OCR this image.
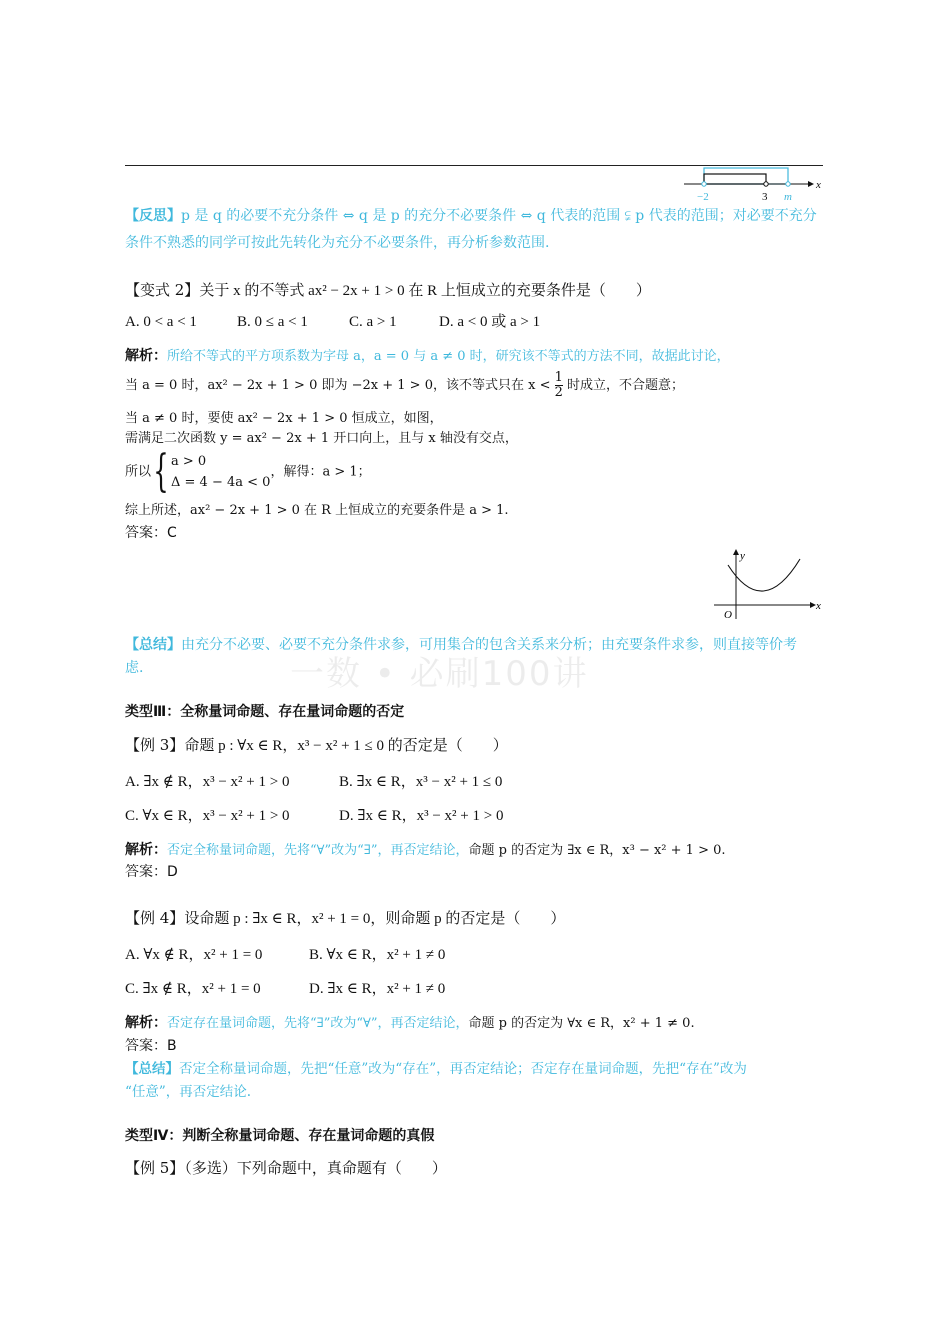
−2	3 m
x
【反思】p 是 q 的必要不充分条件 ⇔ q 是 p 的充分不必要条件 ⇔ q 代表的范围 ⫋ p 代表的范围；对必要不充分
条件不熟悉的同学可按此先转化为充分不必要条件，再分析参数范围.
【变式 2】关于 x 的不等式 ax² − 2x + 1 > 0 在 R 上恒成立的充要条件是（　　）
A. 0 < a < 1	B. 0 ≤ a < 1	C. a > 1	D. a < 0 或 a > 1
解析：所给不等式的平方项系数为字母 a，a = 0 与 a ≠ 0 时，研究该不等式的方法不同，故据此讨论，
当 a = 0 时，ax² − 2x + 1 > 0 即为 −2x + 1 > 0，该不等式只在 $x < \frac{1}{2}$ 时成立，不合题意；
当 a ≠ 0 时，要使 ax² − 2x + 1 > 0 恒成立，如图，
需满足二次函数 y = ax² − 2x + 1 开口向上，且与 x 轴没有交点，
所以{ a > 0
Δ = 4 − 4a < 0
，解得：a > 1；
综上所述，ax² − 2x + 1 > 0 在 R 上恒成立的充要条件是 a > 1.
答案：C
y
x
O
【总结】由充分不必要、必要不充分条件求参，可用集合的包含关系来分析；由充要条件求参，则直接等价考
虑.	一数 • 必刷100讲
类型Ⅲ：全称量词命题、存在量词命题的否定
【例 3】命题 p : ∀x ∈ R，x³ − x² + 1 ≤ 0 的否定是（　　）
A. ∃x ∉ R，x³ − x² + 1 > 0	B. ∃x ∈ R，x³ − x² + 1 ≤ 0
C. ∀x ∈ R，x³ − x² + 1 > 0	D. ∃x ∈ R，x³ − x² + 1 > 0
解析：否定全称量词命题，先将“∀”改为“∃”，再否定结论，命题 p 的否定为 ∃x ∈ R，x³ − x² + 1 > 0.
答案：D
【例 4】设命题 p : ∃x ∈ R，x² + 1 = 0，则命题 p 的否定是（　　）
A. ∀x ∉ R，x² + 1 = 0	B. ∀x ∈ R，x² + 1 ≠ 0
C. ∃x ∉ R，x² + 1 = 0	D. ∃x ∈ R，x² + 1 ≠ 0
解析：否定存在量词命题，先将“∃”改为“∀”，再否定结论，命题 p 的否定为 ∀x ∈ R，x² + 1 ≠ 0.
答案：B
【总结】否定全称量词命题，先把“任意”改为“存在”，再否定结论；否定存在量词命题，先把“存在”改为
“任意”，再否定结论.
类型Ⅳ：判断全称量词命题、存在量词命题的真假
【例 5】（多选）下列命题中，真命题有（　　）
